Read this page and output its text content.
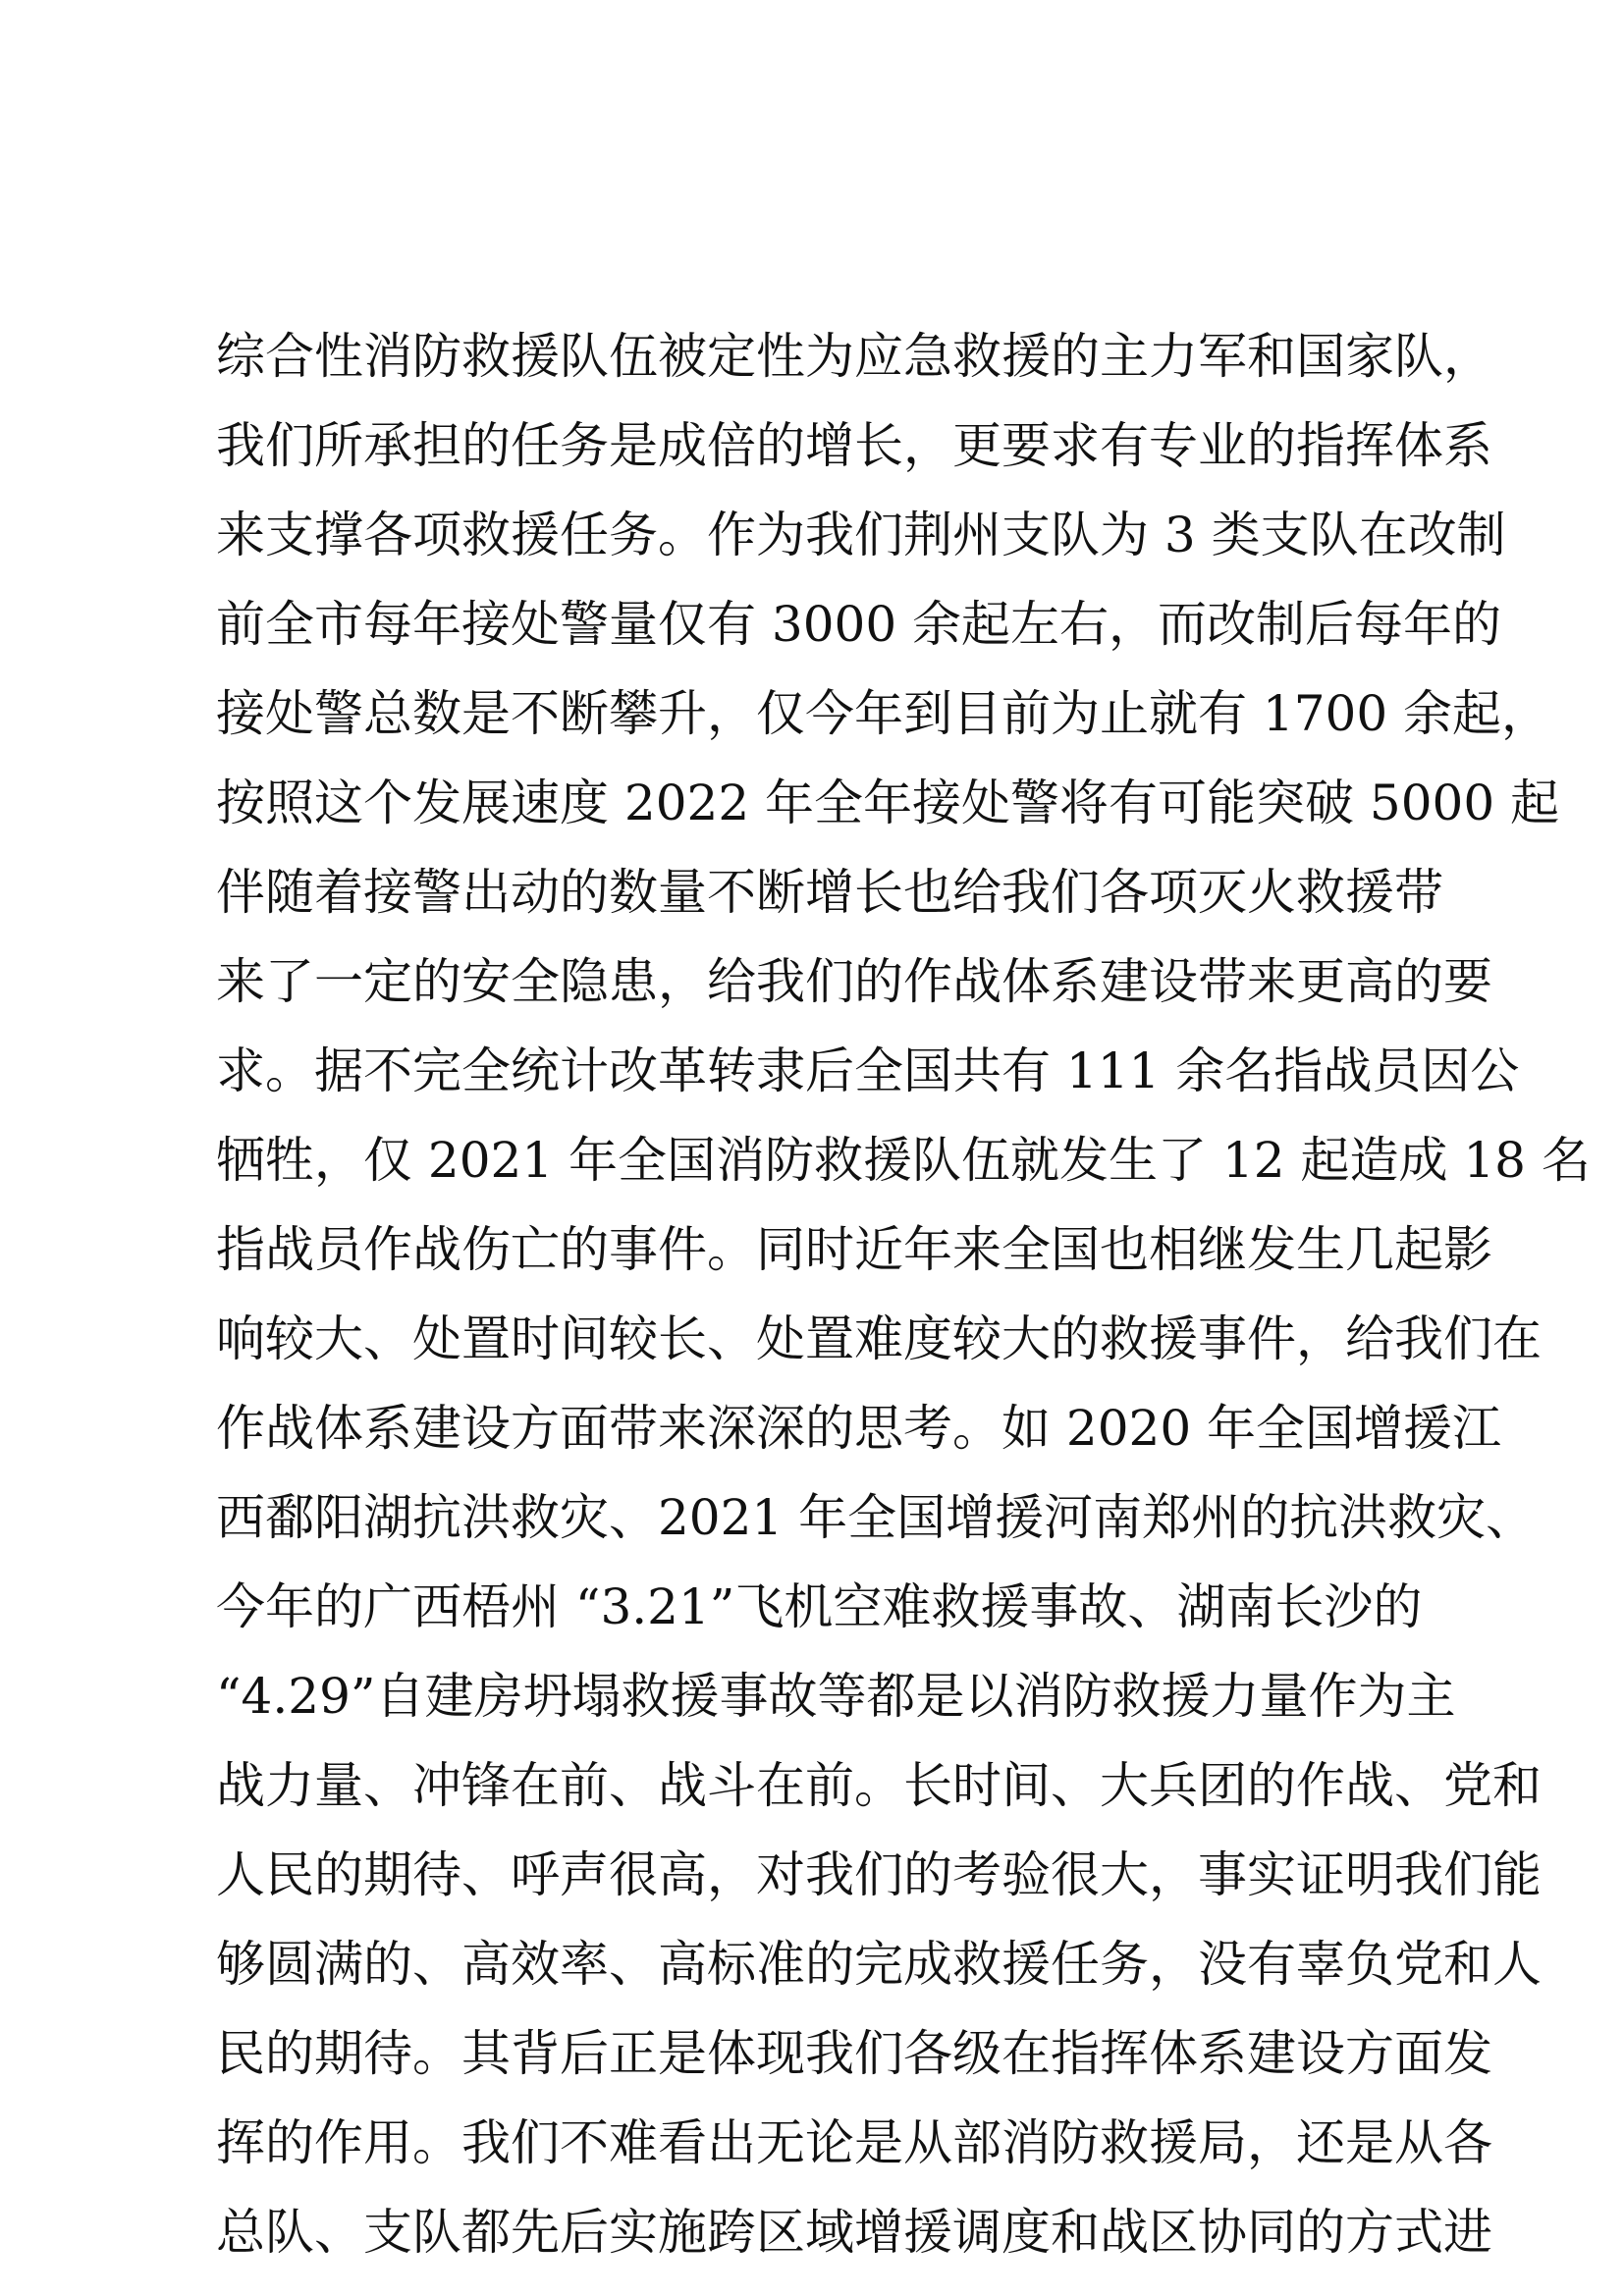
综合性消防救援队伍被定性为应急救援的主力军和国家队，
我们所承担的任务是成倍的增长，更要求有专业的指挥体系
来支撑各项救援任务。作为我们荆州支队为 3 类支队在改制
前全市每年接处警量仅有 3000 余起左右，而改制后每年的
接处警总数是不断攀升，仅今年到目前为止就有 1700 余起，
按照这个发展速度 2022 年全年接处警将有可能突破 5000 起
伴随着接警出动的数量不断增长也给我们各项灭火救援带
来了一定的安全隐患，给我们的作战体系建设带来更高的要
求。据不完全统计改革转隶后全国共有 111 余名指战员因公
牺牲，仅 2021 年全国消防救援队伍就发生了 12 起造成 18 名
指战员作战伤亡的事件。同时近年来全国也相继发生几起影
响较大、处置时间较长、处置难度较大的救援事件，给我们在
作战体系建设方面带来深深的思考。如 2020 年全国增援江
西鄱阳湖抗洪救灾、2021 年全国增援河南郑州的抗洪救灾、
今年的广西梧州 “3.21”飞机空难救援事故、湖南长沙的
“4.29”自建房坍塌救援事故等都是以消防救援力量作为主
战力量、冲锋在前、战斗在前。长时间、大兵团的作战、党和
人民的期待、呼声很高，对我们的考验很大，事实证明我们能
够圆满的、高效率、高标准的完成救援任务，没有辜负党和人
民的期待。其背后正是体现我们各级在指挥体系建设方面发
挥的作用。我们不难看出无论是从部消防救援局，还是从各
总队、支队都先后实施跨区域增援调度和战区协同的方式进
